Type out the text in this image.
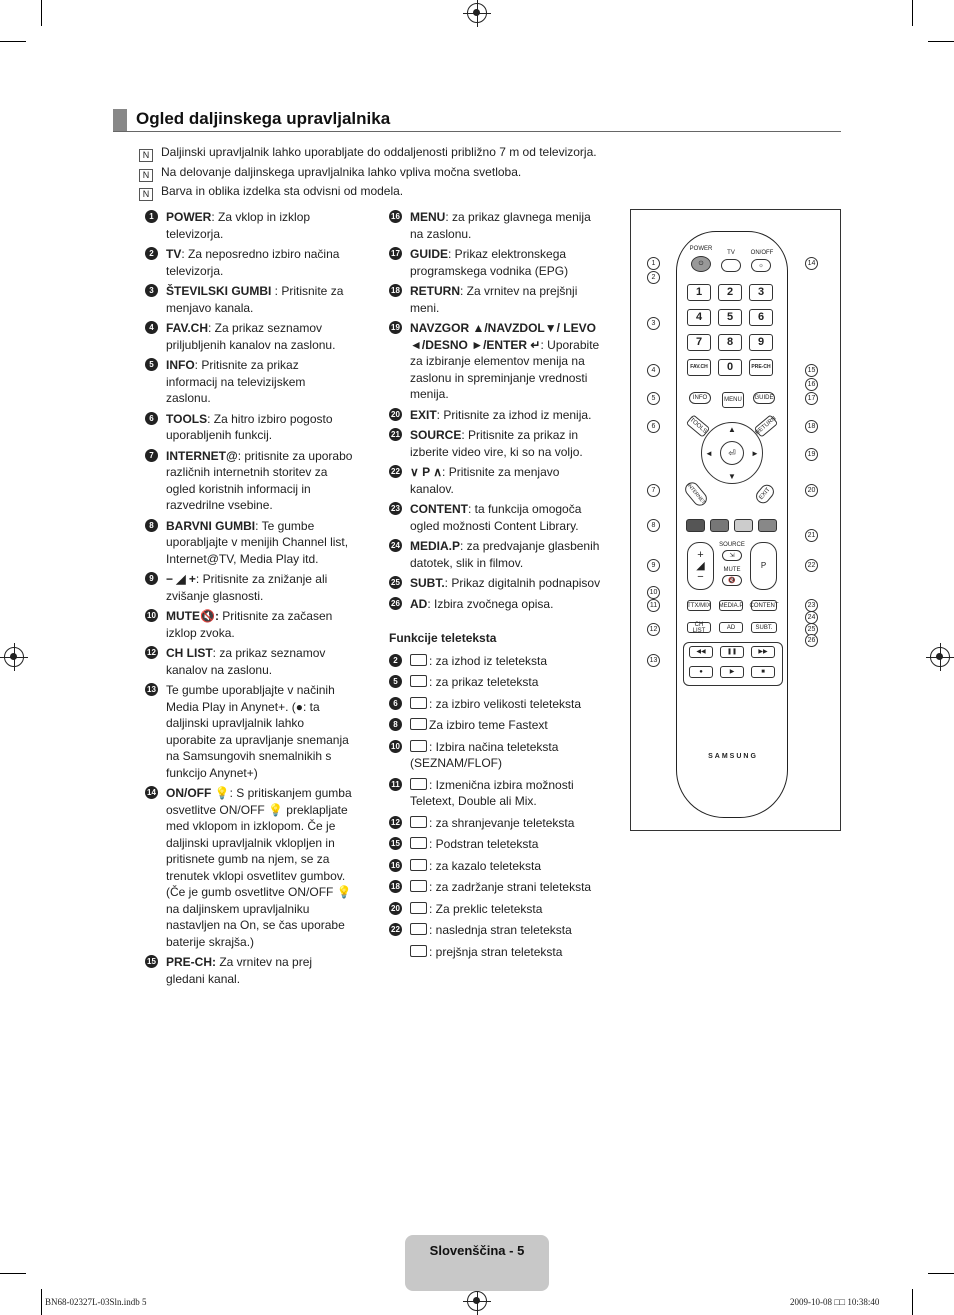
Ogled daljinskega upravljalnika
N Daljinski upravljalnik lahko uporabljate do oddaljenosti približno 7 m od televizorja.
N Na delovanje daljinskega upravljalnika lahko vpliva močna svetloba.
N Barva in oblika izdelka sta odvisni od modela.
1	POWER: Za vklop in izklop televizorja.
2	TV: Za neposredno izbiro načina televizorja.
3	ŠTEVILSKI GUMBI : Pritisnite za menjavo kanala.
4	FAV.CH: Za prikaz seznamov priljubljenih kanalov na zaslonu.
5	INFO: Pritisnite za prikaz informacij na televizijskem zaslonu.
6	TOOLS: Za hitro izbiro pogosto uporabljenih funkcij.
7	INTERNET@: pritisnite za uporabo različnih internetnih storitev za ogled koristnih informacij in razvedrilne vsebine.
8	BARVNI GUMBI: Te gumbe uporabljajte v menijih Channel list, Internet@TV, Media Play itd.
9	− ◢ +: Pritisnite za znižanje ali zvišanje glasnosti.
10 MUTE🔇: Pritisnite za začasen izklop zvoka.
12 CH LIST: za prikaz seznamov kanalov na zaslonu.
13 Te gumbe uporabljajte v načinih Media Play in Anynet+. (●: ta daljinski upravljalnik lahko uporabite za upravljanje snemanja na Samsungovih snemalnikih s funkcijo Anynet+)
14 ON/OFF 💡: S pritiskanjem gumba osvetlitve ON/OFF 💡 preklapljate med vklopom in izklopom. Če je daljinski upravljalnik vklopljen in pritisnete gumb na njem, se za trenutek vklopi osvetlitev gumbov. (Če je gumb osvetlitve ON/OFF 💡 na daljinskem upravljalniku nastavljen na On, se čas uporabe baterije skrajša.)
15 PRE-CH: Za vrnitev na prej gledani kanal.
16 MENU: za prikaz glavnega menija na zaslonu.
17 GUIDE: Prikaz elektronskega programskega vodnika (EPG)
18 RETURN: Za vrnitev na prejšnji meni.
19 NAVZGOR ▲/NAVZDOL▼/ LEVO ◄/DESNO ►/ENTER ↵: Uporabite za izbiranje elementov menija na zaslonu in spreminjanje vrednosti menija.
20 EXIT: Pritisnite za izhod iz menija.
21 SOURCE: Pritisnite za prikaz in izberite video vire, ki so na voljo.
22 ∨ P ∧: Pritisnite za menjavo kanalov.
23 CONTENT: ta funkcija omogoča ogled možnosti Content Library.
24 MEDIA.P: za predvajanje glasbenih datotek, slik in filmov.
25 SUBT.: Prikaz digitalnih podnapisov
26 AD: Izbira zvočnega opisa.
Funkcije teleteksta
2	: za izhod iz teleteksta
5	: za prikaz teleteksta
6	: za izbiro velikosti teleteksta
8	Za izbiro teme Fastext
10 : Izbira načina teleteksta (SEZNAM/FLOF)
11 : Izmenična izbira možnosti Teletext, Double ali Mix.
12 : za shranjevanje teleteksta
15 : Podstran teleteksta
16 : za kazalo teleteksta
18 : za zadržanje strani teleteksta
20 : Za preklic teleteksta
22 : naslednja stran teleteksta
: prejšnja stran teleteksta
POWER
⏻
TV	ON/OFF
☼
1	2	3
4	5	6
7	8	9
FAV.CH	0	PRE-CH
INFO	MENU	GUIDE
TOOLS	RETURN
⏎
▲
▼
◄	►
INTERNET	EXIT
+
◢
−
SOURCE
⇲
MUTE
🔇
P
TTX/MIX MEDIA.P CONTENT
CH LIST	AD	SUBT.
◀◀	❚❚	▶▶
●	▶	■
SAMSUNG
1
2
3
4
5
6
7
8
9
10
11
12
13
14
15
16
17
18
19
20
21
22
23
24
25
26
Slovenščina - 5
BN68-02327L-03Sln.indb 5	2009-10-08 □□ 10:38:40
